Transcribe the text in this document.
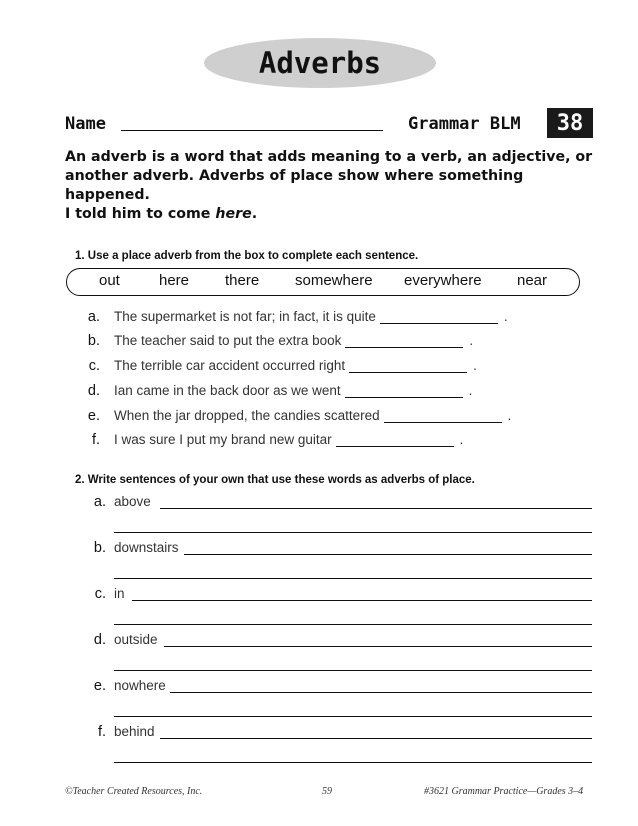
Adverbs
Name	Grammar BLM	38

An adverb is a word that adds meaning to a verb, an adjective, or another adverb. Adverbs of place show where something happened.

I told him to come here.

1. Use a place adverb from the box to complete each sentence.
out	here there somewhere everywhere near
a. The supermarket is not far; in fact, it is quite	.
b. The teacher said to put the extra book	.
c. The terrible car accident occurred right	.
d. Ian came in the back door as we went	.
e. When the jar dropped, the candies scattered	.
f. I was sure I put my brand new guitar	.
2. Write sentences of your own that use these words as adverbs of place.
a. above
b. downstairs
c. in
d. outside
e. nowhere
f. behind
©Teacher Created Resources, Inc.	59	#3621 Grammar Practice—Grades 3–4
